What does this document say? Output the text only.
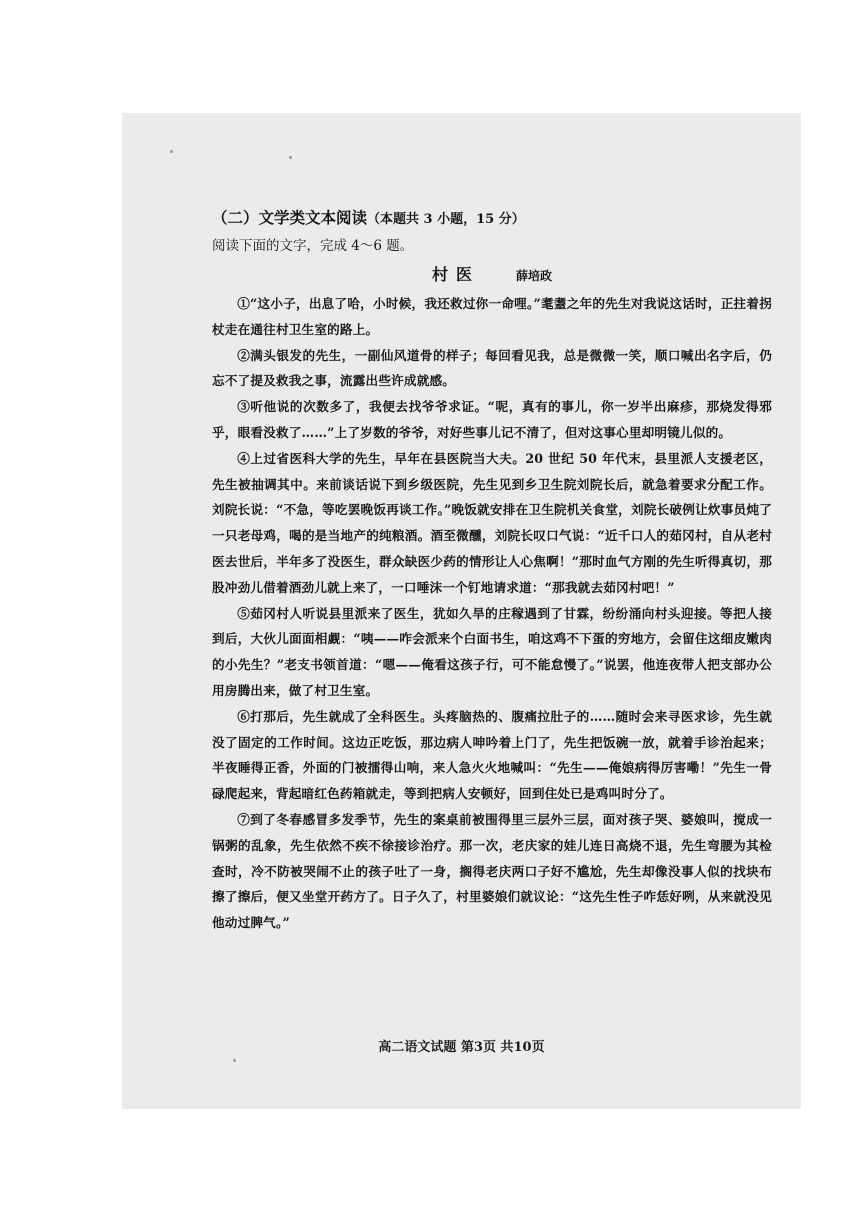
（二）文学类文本阅读（本题共 3 小题，15 分）

阅读下面的文字，完成 4～6 题。

村医	薛培政

①“这小子，出息了哈，小时候，我还救过你一命哩。”耄耋之年的先生对我说这话时，正拄着拐杖走在通往村卫生室的路上。

②满头银发的先生，一副仙风道骨的样子；每回看见我，总是微微一笑，顺口喊出名字后，仍忘不了提及救我之事，流露出些许成就感。

③听他说的次数多了，我便去找爷爷求证。“呢，真有的事儿，你一岁半出麻疹，那烧发得邪乎，眼看没救了……”上了岁数的爷爷，对好些事儿记不清了，但对这事心里却明镜儿似的。

④上过省医科大学的先生，早年在县医院当大夫。20 世纪 50 年代末，县里派人支援老区，先生被抽调其中。来前谈话说下到乡级医院，先生见到乡卫生院刘院长后，就急着要求分配工作。刘院长说：“不急，等吃罢晚饭再谈工作。”晚饭就安排在卫生院机关食堂，刘院长破例让炊事员炖了一只老母鸡，喝的是当地产的纯粮酒。酒至微醺，刘院长叹口气说：“近千口人的茹冈村，自从老村医去世后，半年多了没医生，群众缺医少药的情形让人心焦啊！”那时血气方刚的先生听得真切，那股冲劲儿借着酒劲儿就上来了，一口唾沫一个钉地请求道：“那我就去茹冈村吧！”

⑤茹冈村人听说县里派来了医生，犹如久旱的庄稼遇到了甘霖，纷纷涌向村头迎接。等把人接到后，大伙儿面面相觑：“咦——咋会派来个白面书生，咱这鸡不下蛋的穷地方，会留住这细皮嫩肉的小先生？”老支书领首道：“嗯——俺看这孩子行，可不能怠慢了。”说罢，他连夜带人把支部办公用房腾出来，做了村卫生室。

⑥打那后，先生就成了全科医生。头疼脑热的、腹痛拉肚子的……随时会来寻医求诊，先生就没了固定的工作时间。这边正吃饭，那边病人呻吟着上门了，先生把饭碗一放，就着手诊治起来；半夜睡得正香，外面的门被擂得山响，来人急火火地喊叫：“先生——俺娘病得厉害嘞！”先生一骨碌爬起来，背起暗红色药箱就走，等到把病人安顿好，回到住处已是鸡叫时分了。

⑦到了冬春感冒多发季节，先生的案桌前被围得里三层外三层，面对孩子哭、婆娘叫，搅成一锅粥的乱象，先生依然不疾不徐接诊治疗。那一次，老庆家的娃儿连日高烧不退，先生弯腰为其检查时，冷不防被哭闹不止的孩子吐了一身，搁得老庆两口子好不尴尬，先生却像没事人似的找块布擦了擦后，便又坐堂开药方了。日子久了，村里婆娘们就议论：“这先生性子咋恁好咧，从来就没见他动过脾气。”

高二语文试题 第3页 共10页
